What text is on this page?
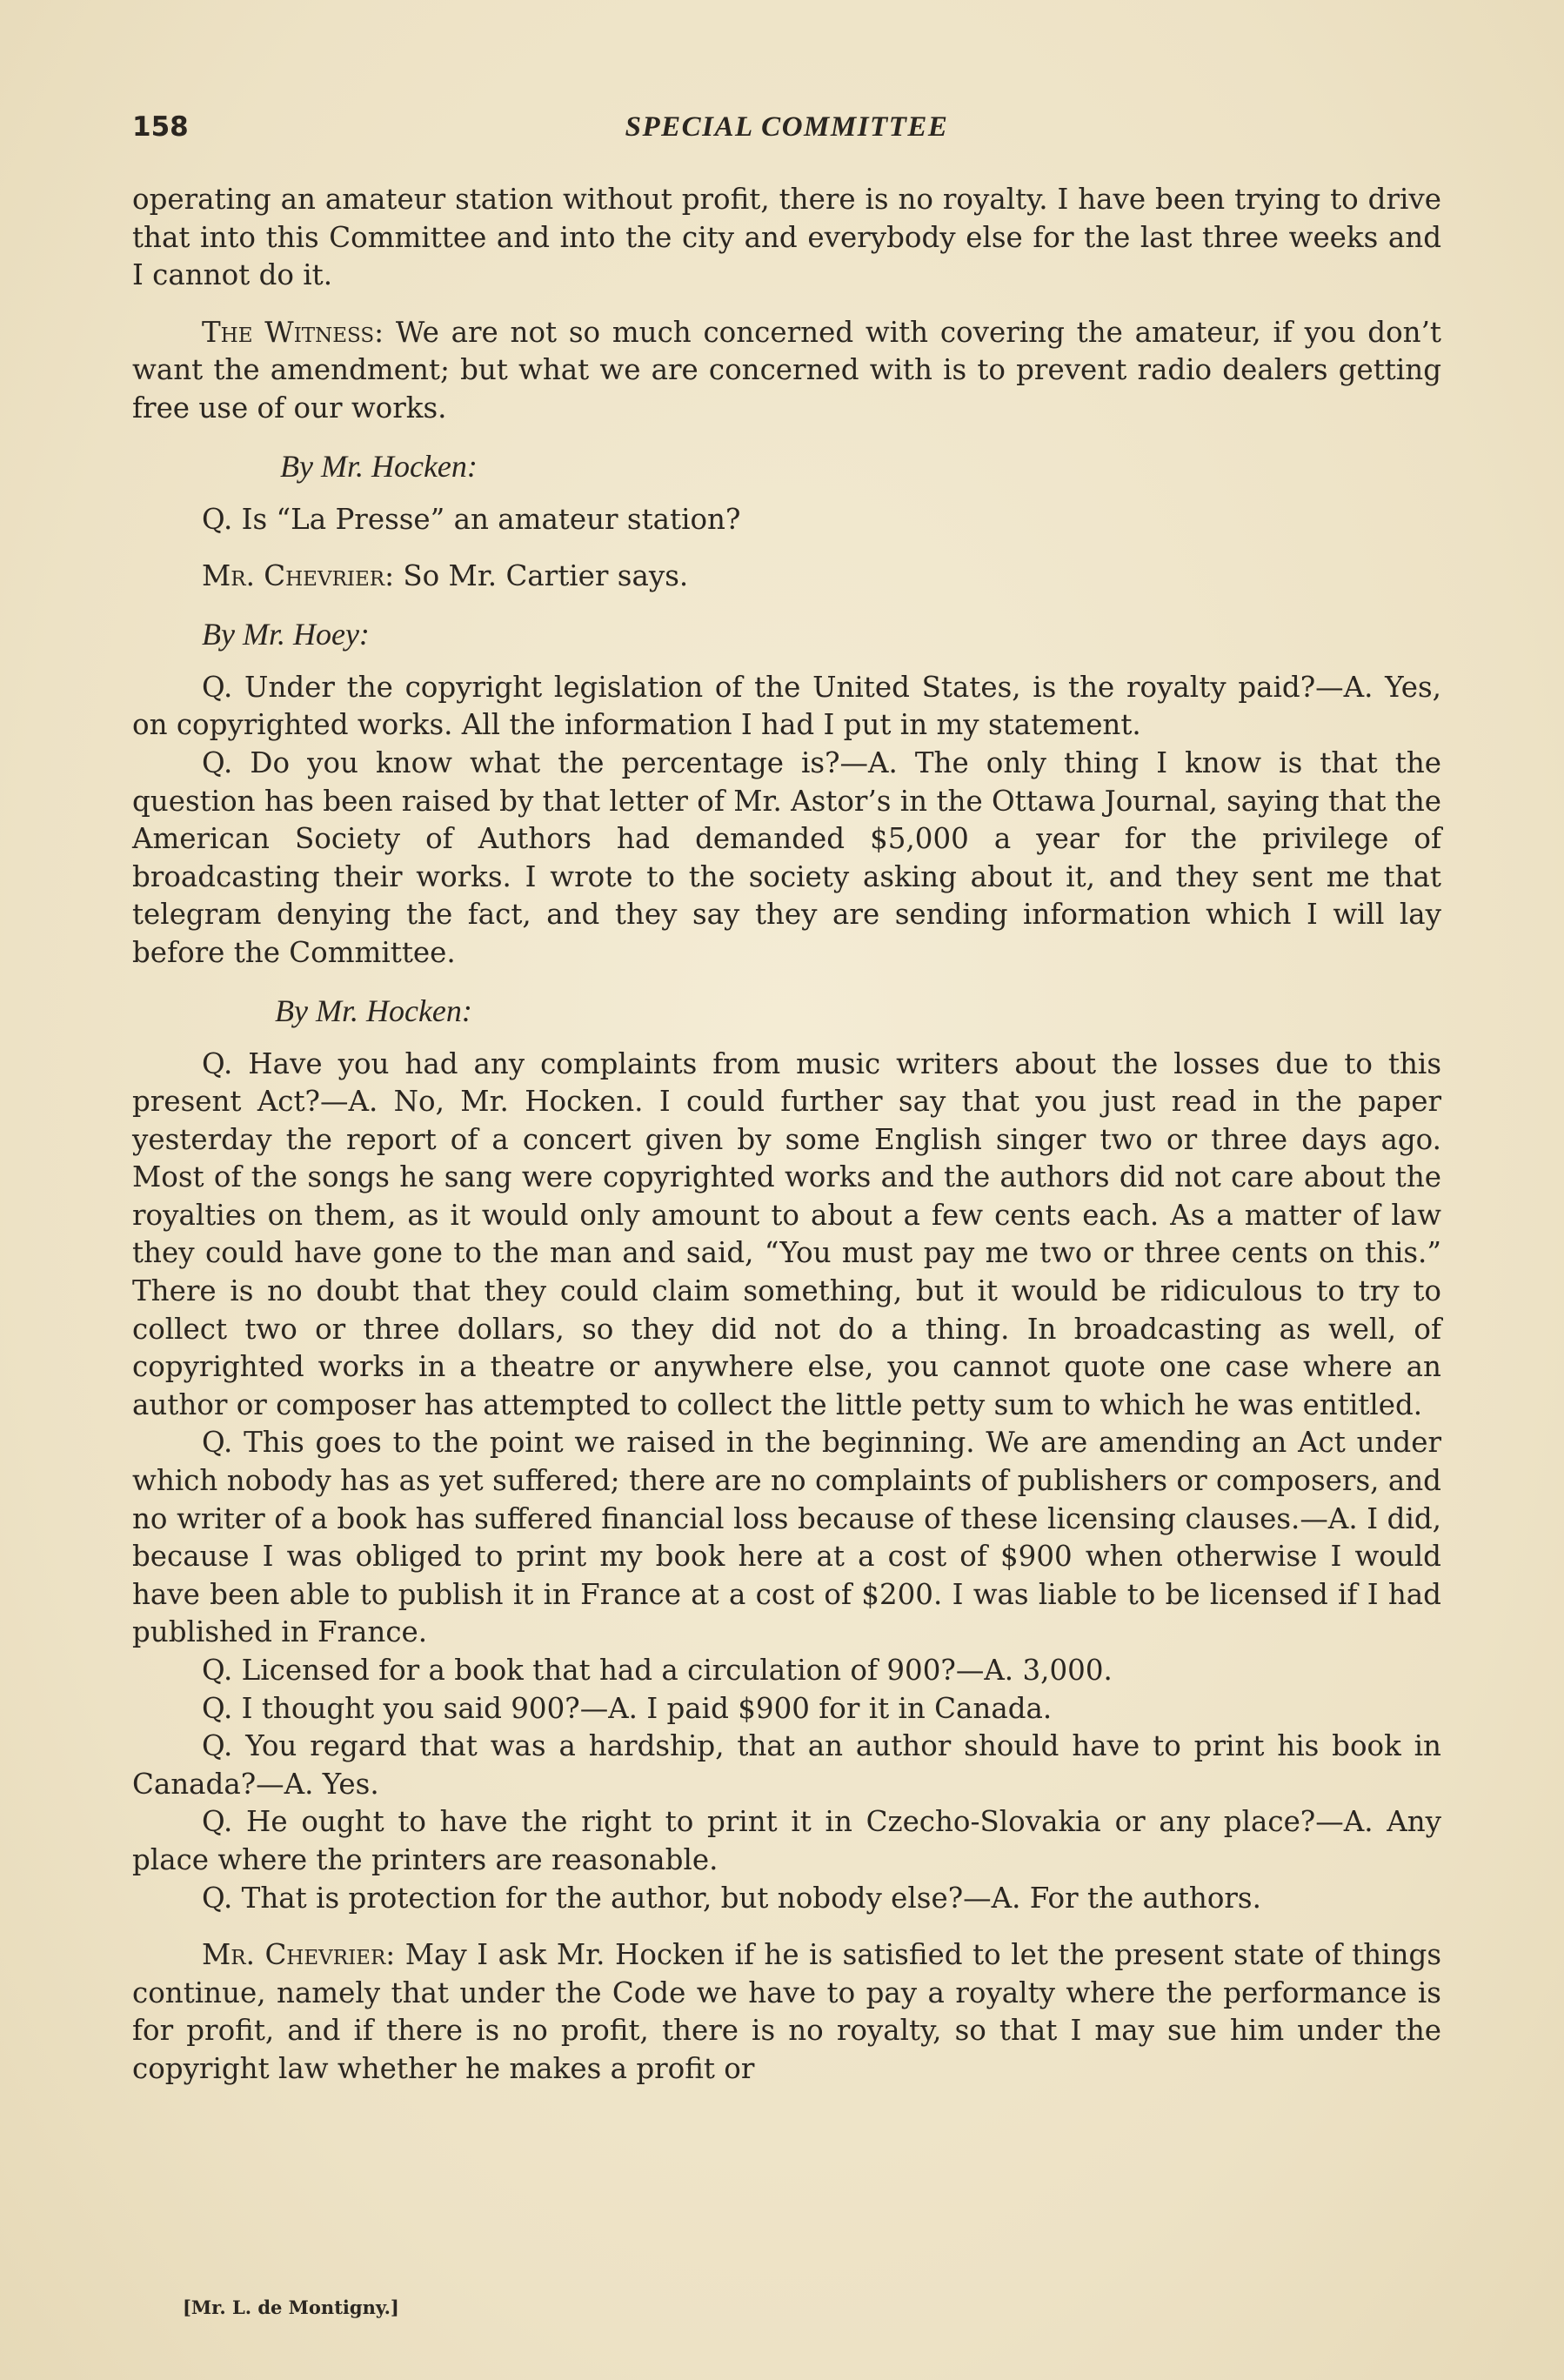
158	SPECIAL COMMITTEE

operating an amateur station without profit, there is no royalty. I have been trying to drive that into this Committee and into the city and everybody else for the last three weeks and I cannot do it.

The Witness: We are not so much concerned with covering the amateur, if you don’t want the amendment; but what we are concerned with is to prevent radio dealers getting free use of our works.

By Mr. Hocken:

Q. Is “La Presse” an amateur station?

Mr. Chevrier: So Mr. Cartier says.

By Mr. Hoey:

Q. Under the copyright legislation of the United States, is the royalty paid?—A. Yes, on copyrighted works. All the information I had I put in my statement.

Q. Do you know what the percentage is?—A. The only thing I know is that the question has been raised by that letter of Mr. Astor’s in the Ottawa Journal, saying that the American Society of Authors had demanded $5,000 a year for the privilege of broadcasting their works. I wrote to the society asking about it, and they sent me that telegram denying the fact, and they say they are sending information which I will lay before the Committee.

By Mr. Hocken:

Q. Have you had any complaints from music writers about the losses due to this present Act?—A. No, Mr. Hocken. I could further say that you just read in the paper yesterday the report of a concert given by some English singer two or three days ago. Most of the songs he sang were copyrighted works and the authors did not care about the royalties on them, as it would only amount to about a few cents each. As a matter of law they could have gone to the man and said, “You must pay me two or three cents on this.” There is no doubt that they could claim something, but it would be ridiculous to try to collect two or three dollars, so they did not do a thing. In broadcasting as well, of copyrighted works in a theatre or anywhere else, you cannot quote one case where an author or composer has attempted to collect the little petty sum to which he was entitled.

Q. This goes to the point we raised in the beginning. We are amending an Act under which nobody has as yet suffered; there are no complaints of publishers or composers, and no writer of a book has suffered financial loss because of these licensing clauses.—A. I did, because I was obliged to print my book here at a cost of $900 when otherwise I would have been able to publish it in France at a cost of $200. I was liable to be licensed if I had published in France.

Q. Licensed for a book that had a circulation of 900?—A. 3,000.

Q. I thought you said 900?—A. I paid $900 for it in Canada.

Q. You regard that was a hardship, that an author should have to print his book in Canada?—A. Yes.

Q. He ought to have the right to print it in Czecho-Slovakia or any place?—A. Any place where the printers are reasonable.

Q. That is protection for the author, but nobody else?—A. For the authors.

Mr. Chevrier: May I ask Mr. Hocken if he is satisfied to let the present state of things continue, namely that under the Code we have to pay a royalty where the performance is for profit, and if there is no profit, there is no royalty, so that I may sue him under the copyright law whether he makes a profit or

[Mr. L. de Montigny.]
